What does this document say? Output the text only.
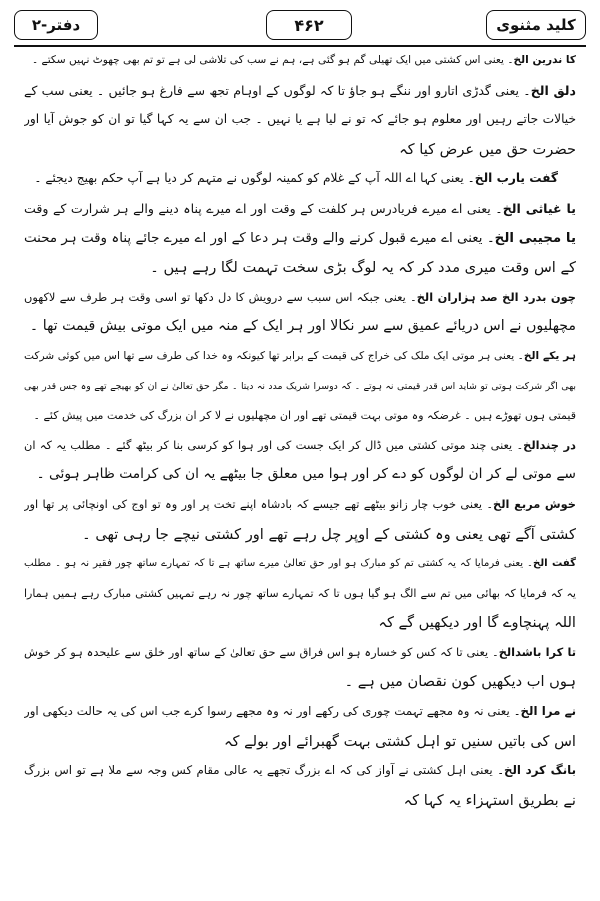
کلید مثنوی
۴۶۲
دفتر-۲
کا ندرین الخ۔ یعنی اس کشتی میں ایک تھیلی گم ہو گئی ہے، ہم نے سب کی تلاشی لی ہے تو تم بھی چھوٹ نہیں سکتے ۔
دلق الخ۔ یعنی گدڑی اتارو اور ننگے ہو جاؤ تا کہ لوگوں کے اوہام تجھ سے فارغ ہو جائیں ۔ یعنی سب کے
خیالات جاتے رہیں اور معلوم ہو جائے کہ تو نے لیا ہے یا نہیں ۔ جب ان سے یہ کہا گیا تو ان کو جوش آیا اور
حضرت حق میں عرض کیا کہ
گفت یارب الخ۔ یعنی کہا اے اللہ آپ کے غلام کو کمینہ لوگوں نے متہم کر دیا ہے آپ حکم بھیج دیجئے ۔
یا غیاثی الخ۔ یعنی اے میرے فریادرس ہر کلفت کے وقت اور اے میرے پناہ دینے والے ہر شرارت کے وقت
یا مجیبی الخ۔ یعنی اے میرے قبول کرنے والے وقت ہر دعا کے اور اے میرے جائے پناہ وقت ہر محنت
کے اس وقت میری مدد کر کہ یہ لوگ بڑی سخت تہمت لگا رہے ہیں ۔
چون بدرد الخ صد ہزاران الخ۔ یعنی جبکہ اس سبب سے درویش کا دل دکھا تو اسی وقت ہر طرف سے لاکھوں
مچھلیوں نے اس دریائے عمیق سے سر نکالا اور ہر ایک کے منہ میں ایک موتی بیش قیمت تھا ۔
ہر یکے الخ۔ یعنی ہر موتی ایک ملک کی خراج کی قیمت کے برابر تھا کیونکہ وہ خدا کی طرف سے تھا اس میں کوئی شرکت
بھی اگر شرکت ہوتی تو شاید اس قدر قیمتی نہ ہوتے ۔ کہ دوسرا شریک مدد نہ دیتا ۔ مگر حق تعالیٰ نے ان کو بھیجے تھے وہ جس قدر بھی
قیمتی ہوں تھوڑے ہیں ۔ غرضکہ وہ موتی بہت قیمتی تھے اور ان مچھلیوں نے لا کر ان بزرگ کی خدمت میں پیش کئے ۔
در چندالخ۔ یعنی چند موتی کشتی میں ڈال کر ایک جست کی اور ہوا کو کرسی بنا کر بیٹھ گئے ۔ مطلب یہ کہ ان
سے موتی لے کر ان لوگوں کو دے کر اور ہوا میں معلق جا بیٹھے یہ ان کی کرامت ظاہر ہوئی ۔
خوش مربع الخ۔ یعنی خوب چار زانو بیٹھے تھے جیسے کہ بادشاہ اپنے تخت پر اور وہ تو اوج کی اونچائی پر تھا اور
کشتی آگے تھی یعنی وہ کشتی کے اوپر چل رہے تھے اور کشتی نیچے جا رہی تھی ۔
گفت الخ۔ یعنی فرمایا کہ یہ کشتی تم کو مبارک ہو اور حق تعالیٰ میرے ساتھ ہے تا کہ تمہارے ساتھ چور فقیر نہ ہو ۔ مطلب
یہ کہ فرمایا کہ بھائی میں تم سے الگ ہو گیا ہوں تا کہ تمہارے ساتھ چور نہ رہے تمہیں کشتی مبارک رہے ہمیں ہمارا
اللہ پہنچاوے گا اور دیکھیں گے کہ
تا کرا باشدالخ۔ یعنی تا کہ کس کو خسارہ ہو اس فراق سے حق تعالیٰ کے ساتھ اور خلق سے علیحدہ ہو کر خوش
ہوں اب دیکھیں کون نقصان میں ہے ۔
نے مرا الخ۔ یعنی نہ وہ مجھے تہمت چوری کی رکھے اور نہ وہ مجھے رسوا کرے جب اس کی یہ حالت دیکھی اور
اس کی باتیں سنیں تو اہل کشتی بہت گھبرائے اور بولے کہ
بانگ کرد الخ۔ یعنی اہل کشتی نے آواز کی کہ اے بزرگ تجھے یہ عالی مقام کس وجہ سے ملا ہے تو اس بزرگ
نے بطریق استہزاء یہ کہا کہ
